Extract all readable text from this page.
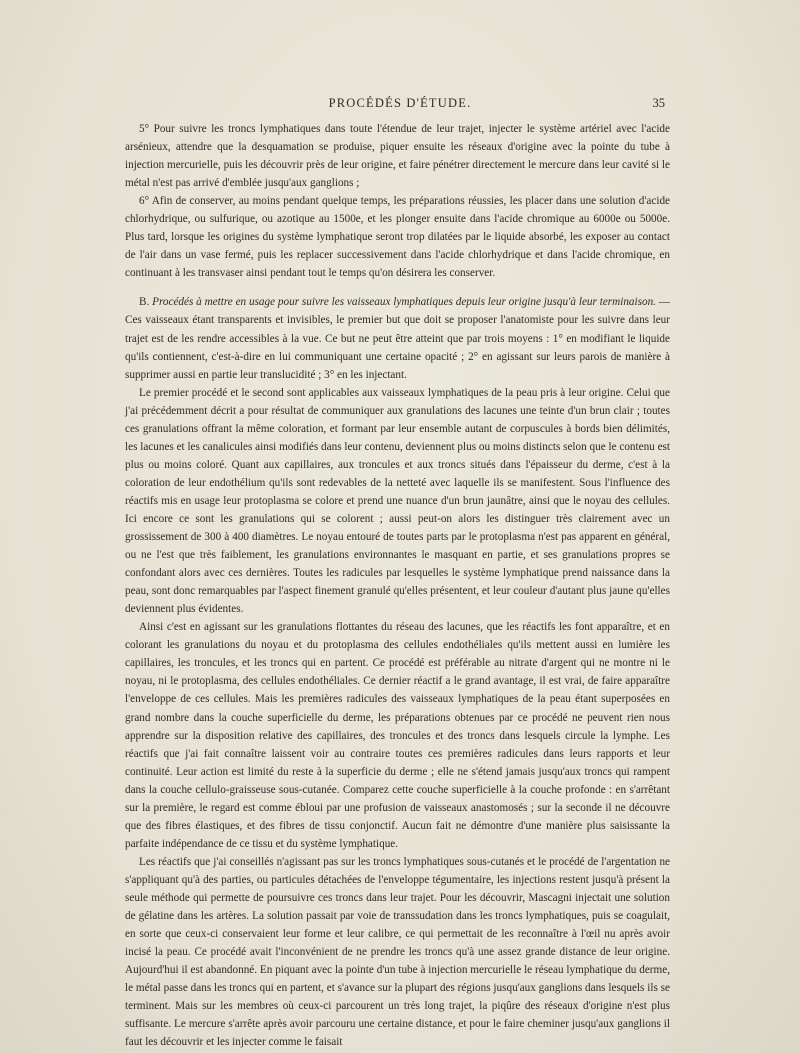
PROCÉDÉS D'ÉTUDE.	35

5° Pour suivre les troncs lymphatiques dans toute l'étendue de leur trajet, injecter le système artériel avec l'acide arsénieux, attendre que la desquamation se produise, piquer ensuite les réseaux d'origine avec la pointe du tube à injection mercurielle, puis les découvrir près de leur origine, et faire pénétrer directement le mercure dans leur cavité si le métal n'est pas arrivé d'emblée jusqu'aux ganglions ;

6° Afin de conserver, au moins pendant quelque temps, les préparations réussies, les placer dans une solution d'acide chlorhydrique, ou sulfurique, ou azotique au 1500e, et les plonger ensuite dans l'acide chromique au 6000e ou 5000e. Plus tard, lorsque les origines du système lymphatique seront trop dilatées par le liquide absorbé, les exposer au contact de l'air dans un vase fermé, puis les replacer successivement dans l'acide chlorhydrique et dans l'acide chromique, en continuant à les transvaser ainsi pendant tout le temps qu'on désirera les conserver.

B. Procédés à mettre en usage pour suivre les vaisseaux lymphatiques depuis leur origine jusqu'à leur terminaison. — Ces vaisseaux étant transparents et invisibles, le premier but que doit se proposer l'anatomiste pour les suivre dans leur trajet est de les rendre accessibles à la vue. Ce but ne peut être atteint que par trois moyens : 1° en modifiant le liquide qu'ils contiennent, c'est-à-dire en lui communiquant une certaine opacité ; 2° en agissant sur leurs parois de manière à supprimer aussi en partie leur translucidité ; 3° en les injectant.

Le premier procédé et le second sont applicables aux vaisseaux lymphatiques de la peau pris à leur origine. Celui que j'ai précédemment décrit a pour résultat de communiquer aux granulations des lacunes une teinte d'un brun clair ; toutes ces granulations offrant la même coloration, et formant par leur ensemble autant de corpuscules à bords bien délimités, les lacunes et les canalicules ainsi modifiés dans leur contenu, deviennent plus ou moins distincts selon que le contenu est plus ou moins coloré. Quant aux capillaires, aux troncules et aux troncs situés dans l'épaisseur du derme, c'est à la coloration de leur endothélium qu'ils sont redevables de la netteté avec laquelle ils se manifestent. Sous l'influence des réactifs mis en usage leur protoplasma se colore et prend une nuance d'un brun jaunâtre, ainsi que le noyau des cellules. Ici encore ce sont les granulations qui se colorent ; aussi peut-on alors les distinguer très clairement avec un grossissement de 300 à 400 diamètres. Le noyau entouré de toutes parts par le protoplasma n'est pas apparent en général, ou ne l'est que très faiblement, les granulations environnantes le masquant en partie, et ses granulations propres se confondant alors avec ces dernières. Toutes les radicules par lesquelles le système lymphatique prend naissance dans la peau, sont donc remarquables par l'aspect finement granulé qu'elles présentent, et leur couleur d'autant plus jaune qu'elles deviennent plus évidentes.

Ainsi c'est en agissant sur les granulations flottantes du réseau des lacunes, que les réactifs les font apparaître, et en colorant les granulations du noyau et du protoplasma des cellules endothéliales qu'ils mettent aussi en lumière les capillaires, les troncules, et les troncs qui en partent. Ce procédé est préférable au nitrate d'argent qui ne montre ni le noyau, ni le protoplasma, des cellules endothéliales. Ce dernier réactif a le grand avantage, il est vrai, de faire apparaître l'enveloppe de ces cellules. Mais les premières radicules des vaisseaux lymphatiques de la peau étant superposées en grand nombre dans la couche superficielle du derme, les préparations obtenues par ce procédé ne peuvent rien nous apprendre sur la disposition relative des capillaires, des troncules et des troncs dans lesquels circule la lymphe. Les réactifs que j'ai fait connaître laissent voir au contraire toutes ces premières radicules dans leurs rapports et leur continuité. Leur action est limité du reste à la superficie du derme ; elle ne s'étend jamais jusqu'aux troncs qui rampent dans la couche cellulo-graisseuse sous-cutanée. Comparez cette couche superficielle à la couche profonde : en s'arrêtant sur la première, le regard est comme ébloui par une profusion de vaisseaux anastomosés ; sur la seconde il ne découvre que des fibres élastiques, et des fibres de tissu conjonctif. Aucun fait ne démontre d'une manière plus saisissante la parfaite indépendance de ce tissu et du système lymphatique.

Les réactifs que j'ai conseillés n'agissant pas sur les troncs lymphatiques sous-cutanés et le procédé de l'argentation ne s'appliquant qu'à des parties, ou particules détachées de l'enveloppe tégumentaire, les injections restent jusqu'à présent la seule méthode qui permette de poursuivre ces troncs dans leur trajet. Pour les découvrir, Mascagni injectait une solution de gélatine dans les artères. La solution passait par voie de transsudation dans les troncs lymphatiques, puis se coagulait, en sorte que ceux-ci conservaient leur forme et leur calibre, ce qui permettait de les reconnaître à l'œil nu après avoir incisé la peau. Ce procédé avait l'inconvénient de ne prendre les troncs qu'à une assez grande distance de leur origine. Aujourd'hui il est abandonné. En piquant avec la pointe d'un tube à injection mercurielle le réseau lymphatique du derme, le métal passe dans les troncs qui en partent, et s'avance sur la plupart des régions jusqu'aux ganglions dans lesquels ils se terminent. Mais sur les membres où ceux-ci parcourent un très long trajet, la piqûre des réseaux d'origine n'est plus suffisante. Le mercure s'arrête après avoir parcouru une certaine distance, et pour le faire cheminer jusqu'aux ganglions il faut les découvrir et les injecter comme le faisait
